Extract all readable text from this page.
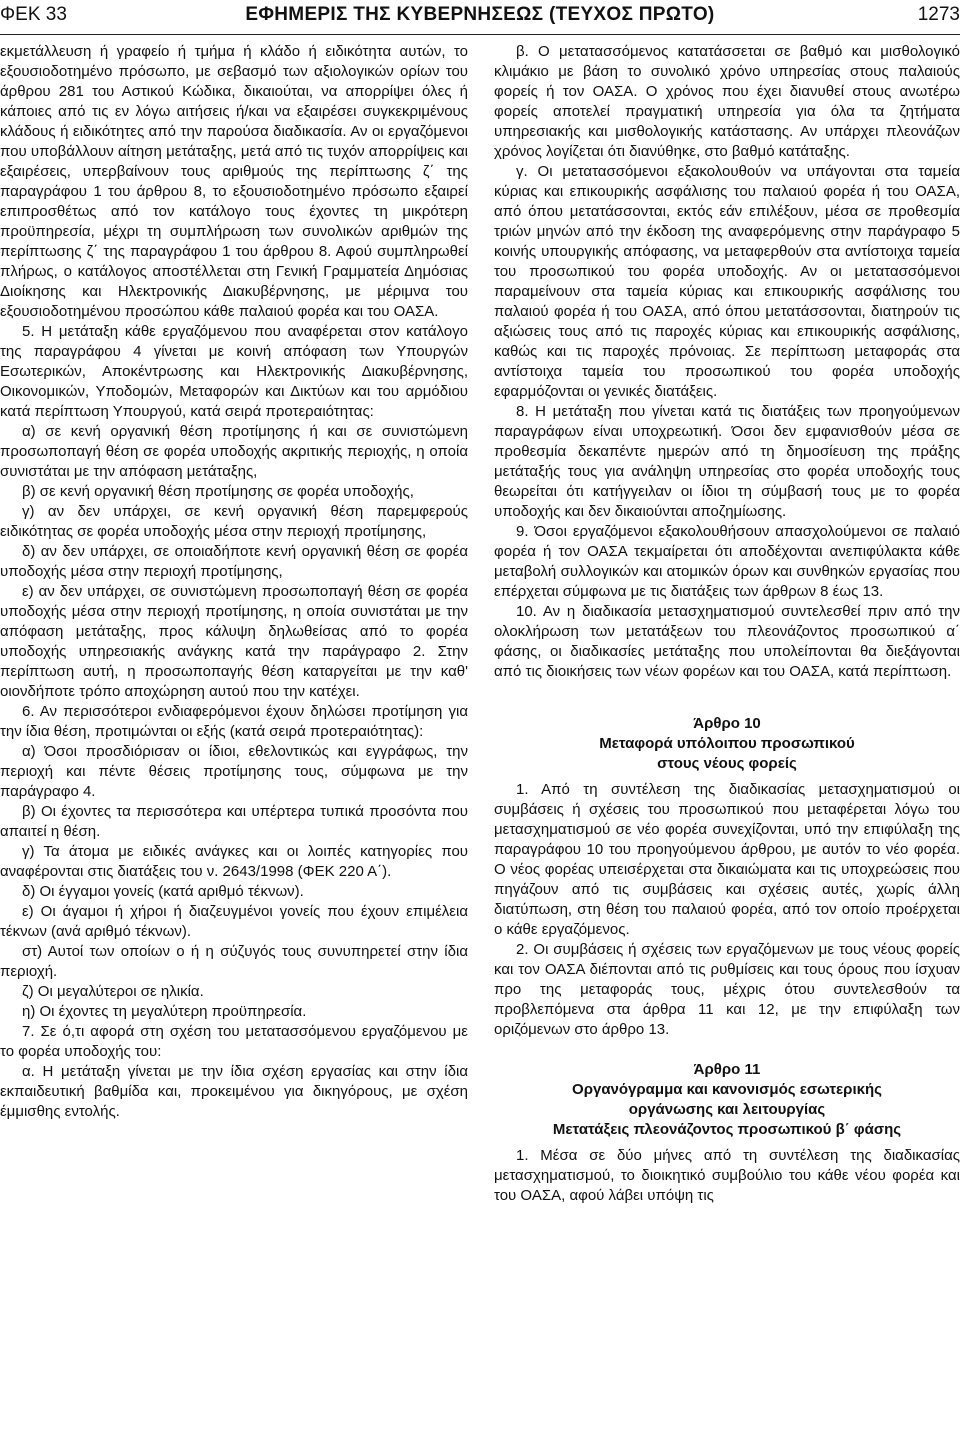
ΦΕΚ 33	ΕΦΗΜΕΡΙΣ ΤΗΣ ΚΥΒΕΡΝΗΣΕΩΣ (ΤΕΥΧΟΣ ΠΡΩΤΟ)	1273

εκμετάλλευση ή γραφείο ή τμήμα ή κλάδο ή ειδικότητα αυτών, το εξουσιοδοτημένο πρόσωπο, με σεβασμό των αξιολογικών ορίων του άρθρου 281 του Αστικού Κώδικα, δικαιούται, να απορρίψει όλες ή κάποιες από τις εν λόγω αιτήσεις ή/και να εξαιρέσει συγκεκριμένους κλάδους ή ειδικότητες από την παρούσα διαδικασία. Αν οι εργαζόμενοι που υποβάλλουν αίτηση μετάταξης, μετά από τις τυχόν απορρίψεις και εξαιρέσεις, υπερβαίνουν τους αριθμούς της περίπτωσης ζ΄ της παραγράφου 1 του άρθρου 8, το εξουσιοδοτημένο πρόσωπο εξαιρεί επιπροσθέτως από τον κατάλογο τους έχοντες τη μικρότερη προϋπηρεσία, μέχρι τη συμπλήρωση των συνολικών αριθμών της περίπτωσης ζ΄ της παραγράφου 1 του άρθρου 8. Αφού συμπληρωθεί πλήρως, ο κατάλογος αποστέλλεται στη Γενική Γραμματεία Δημόσιας Διοίκησης και Ηλεκτρονικής Διακυβέρνησης, με μέριμνα του εξουσιοδοτημένου προσώπου κάθε παλαιού φορέα και του ΟΑΣΑ.

5. Η μετάταξη κάθε εργαζόμενου που αναφέρεται στον κατάλογο της παραγράφου 4 γίνεται με κοινή απόφαση των Υπουργών Εσωτερικών, Αποκέντρωσης και Ηλεκτρονικής Διακυβέρνησης, Οικονομικών, Υποδομών, Μεταφορών και Δικτύων και του αρμόδιου κατά περίπτωση Υπουργού, κατά σειρά προτεραιότητας:

α) σε κενή οργανική θέση προτίμησης ή και σε συνιστώμενη προσωποπαγή θέση σε φορέα υποδοχής ακριτικής περιοχής, η οποία συνιστάται με την απόφαση μετάταξης,

β) σε κενή οργανική θέση προτίμησης σε φορέα υποδοχής,

γ) αν δεν υπάρχει, σε κενή οργανική θέση παρεμφερούς ειδικότητας σε φορέα υποδοχής μέσα στην περιοχή προτίμησης,

δ) αν δεν υπάρχει, σε οποιαδήποτε κενή οργανική θέση σε φορέα υποδοχής μέσα στην περιοχή προτίμησης,

ε) αν δεν υπάρχει, σε συνιστώμενη προσωποπαγή θέση σε φορέα υποδοχής μέσα στην περιοχή προτίμησης, η οποία συνιστάται με την απόφαση μετάταξης, προς κάλυψη δηλωθείσας από το φορέα υποδοχής υπηρεσιακής ανάγκης κατά την παράγραφο 2. Στην περίπτωση αυτή, η προσωποπαγής θέση καταργείται με την καθ' οιονδήποτε τρόπο αποχώρηση αυτού που την κατέχει.

6. Αν περισσότεροι ενδιαφερόμενοι έχουν δηλώσει προτίμηση για την ίδια θέση, προτιμώνται οι εξής (κατά σειρά προτεραιότητας):

α) Όσοι προσδιόρισαν οι ίδιοι, εθελοντικώς και εγγράφως, την περιοχή και πέντε θέσεις προτίμησης τους, σύμφωνα με την παράγραφο 4.

β) Οι έχοντες τα περισσότερα και υπέρτερα τυπικά προσόντα που απαιτεί η θέση.

γ) Τα άτομα με ειδικές ανάγκες και οι λοιπές κατηγορίες που αναφέρονται στις διατάξεις του ν. 2643/1998 (ΦΕΚ 220 Α΄).

δ) Οι έγγαμοι γονείς (κατά αριθμό τέκνων).

ε) Οι άγαμοι ή χήροι ή διαζευγμένοι γονείς που έχουν επιμέλεια τέκνων (ανά αριθμό τέκνων).

στ) Αυτοί των οποίων ο ή η σύζυγός τους συνυπηρετεί στην ίδια περιοχή.

ζ) Οι μεγαλύτεροι σε ηλικία.

η) Οι έχοντες τη μεγαλύτερη προϋπηρεσία.

7. Σε ό,τι αφορά στη σχέση του μετατασσόμενου εργαζόμενου με το φορέα υποδοχής του:

α. Η μετάταξη γίνεται με την ίδια σχέση εργασίας και στην ίδια εκπαιδευτική βαθμίδα και, προκειμένου για δικηγόρους, με σχέση έμμισθης εντολής.

β. Ο μετατασσόμενος κατατάσσεται σε βαθμό και μισθολογικό κλιμάκιο με βάση το συνολικό χρόνο υπηρεσίας στους παλαιούς φορείς ή τον ΟΑΣΑ. Ο χρόνος που έχει διανυθεί στους ανωτέρω φορείς αποτελεί πραγματική υπηρεσία για όλα τα ζητήματα υπηρεσιακής και μισθολογικής κατάστασης. Αν υπάρχει πλεονάζων χρόνος λογίζεται ότι διανύθηκε, στο βαθμό κατάταξης.

γ. Οι μετατασσόμενοι εξακολουθούν να υπάγονται στα ταμεία κύριας και επικουρικής ασφάλισης του παλαιού φορέα ή του ΟΑΣΑ, από όπου μετατάσσονται, εκτός εάν επιλέξουν, μέσα σε προθεσμία τριών μηνών από την έκδοση της αναφερόμενης στην παράγραφο 5 κοινής υπουργικής απόφασης, να μεταφερθούν στα αντίστοιχα ταμεία του προσωπικού του φορέα υποδοχής. Αν οι μετατασσόμενοι παραμείνουν στα ταμεία κύριας και επικουρικής ασφάλισης του παλαιού φορέα ή του ΟΑΣΑ, από όπου μετατάσσονται, διατηρούν τις αξιώσεις τους από τις παροχές κύριας και επικουρικής ασφάλισης, καθώς και τις παροχές πρόνοιας. Σε περίπτωση μεταφοράς στα αντίστοιχα ταμεία του προσωπικού του φορέα υποδοχής εφαρμόζονται οι γενικές διατάξεις.

8. Η μετάταξη που γίνεται κατά τις διατάξεις των προηγούμενων παραγράφων είναι υποχρεωτική. Όσοι δεν εμφανισθούν μέσα σε προθεσμία δεκαπέντε ημερών από τη δημοσίευση της πράξης μετάταξής τους για ανάληψη υπηρεσίας στο φορέα υποδοχής τους θεωρείται ότι κατήγγειλαν οι ίδιοι τη σύμβασή τους με το φορέα υποδοχής και δεν δικαιούνται αποζημίωσης.

9. Όσοι εργαζόμενοι εξακολουθήσουν απασχολούμενοι σε παλαιό φορέα ή τον ΟΑΣΑ τεκμαίρεται ότι αποδέχονται ανεπιφύλακτα κάθε μεταβολή συλλογικών και ατομικών όρων και συνθηκών εργασίας που επέρχεται σύμφωνα με τις διατάξεις των άρθρων 8 έως 13.

10. Αν η διαδικασία μετασχηματισμού συντελεσθεί πριν από την ολοκλήρωση των μετατάξεων του πλεονάζοντος προσωπικού α΄ φάσης, οι διαδικασίες μετάταξης που υπολείπονται θα διεξάγονται από τις διοικήσεις των νέων φορέων και του ΟΑΣΑ, κατά περίπτωση.

Άρθρο 10

Μεταφορά υπόλοιπου προσωπικού

στους νέους φορείς

1. Από τη συντέλεση της διαδικασίας μετασχηματισμού οι συμβάσεις ή σχέσεις του προσωπικού που μεταφέρεται λόγω του μετασχηματισμού σε νέο φορέα συνεχίζονται, υπό την επιφύλαξη της παραγράφου 10 του προηγούμενου άρθρου, με αυτόν το νέο φορέα. Ο νέος φορέας υπεισέρχεται στα δικαιώματα και τις υποχρεώσεις που πηγάζουν από τις συμβάσεις και σχέσεις αυτές, χωρίς άλλη διατύπωση, στη θέση του παλαιού φορέα, από τον οποίο προέρχεται ο κάθε εργαζόμενος.

2. Οι συμβάσεις ή σχέσεις των εργαζόμενων με τους νέους φορείς και τον ΟΑΣΑ διέπονται από τις ρυθμίσεις και τους όρους που ίσχυαν προ της μεταφοράς τους, μέχρις ότου συντελεσθούν τα προβλεπόμενα στα άρθρα 11 και 12, με την επιφύλαξη των οριζόμενων στο άρθρο 13.

Άρθρο 11

Οργανόγραμμα και κανονισμός εσωτερικής

οργάνωσης και λειτουργίας

Μετατάξεις πλεονάζοντος προσωπικού β΄ φάσης

1. Μέσα σε δύο μήνες από τη συντέλεση της διαδικασίας μετασχηματισμού, το διοικητικό συμβούλιο του κάθε νέου φορέα και του ΟΑΣΑ, αφού λάβει υπόψη τις
